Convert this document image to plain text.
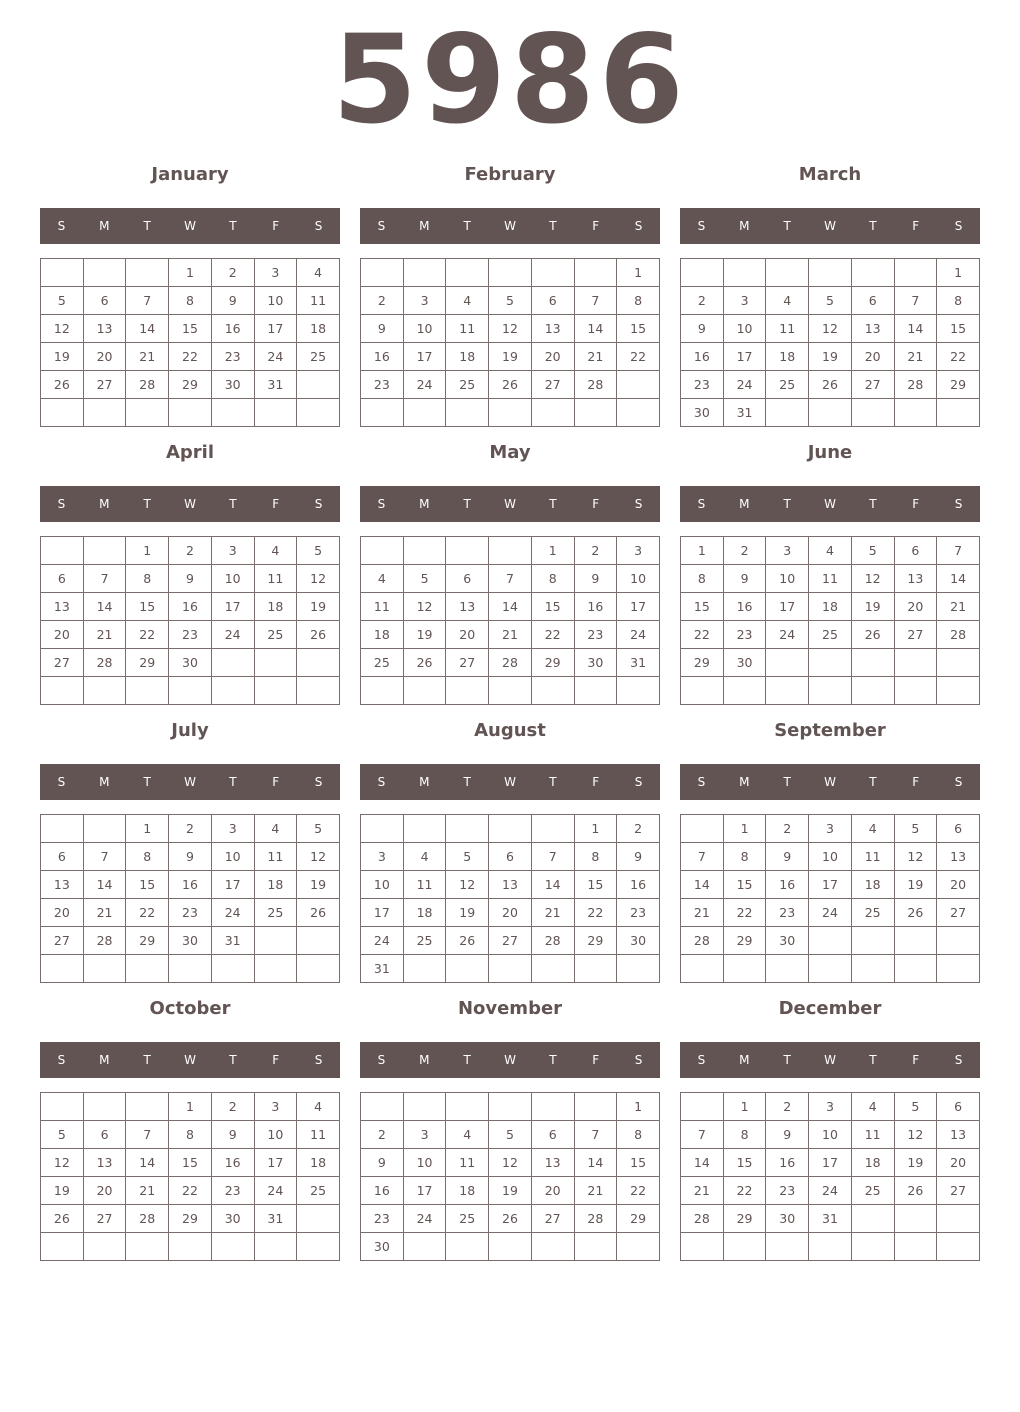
5986
January
S	M	T	W	T	F	S
			1	2	3	4
5	6	7	8	9	10	11
12	13	14	15	16	17	18
19	20	21	22	23	24	25
26	27	28	29	30	31	

February
S	M	T	W	T	F	S
						1
2	3	4	5	6	7	8
9	10	11	12	13	14	15
16	17	18	19	20	21	22
23	24	25	26	27	28	

March
S	M	T	W	T	F	S
						1
2	3	4	5	6	7	8
9	10	11	12	13	14	15
16	17	18	19	20	21	22
23	24	25	26	27	28	29
30	31					
April
S	M	T	W	T	F	S
		1	2	3	4	5
6	7	8	9	10	11	12
13	14	15	16	17	18	19
20	21	22	23	24	25	26
27	28	29	30			

May
S	M	T	W	T	F	S
				1	2	3
4	5	6	7	8	9	10
11	12	13	14	15	16	17
18	19	20	21	22	23	24
25	26	27	28	29	30	31

June
S	M	T	W	T	F	S
1	2	3	4	5	6	7
8	9	10	11	12	13	14
15	16	17	18	19	20	21
22	23	24	25	26	27	28
29	30					

July
S	M	T	W	T	F	S
		1	2	3	4	5
6	7	8	9	10	11	12
13	14	15	16	17	18	19
20	21	22	23	24	25	26
27	28	29	30	31		

August
S	M	T	W	T	F	S
					1	2
3	4	5	6	7	8	9
10	11	12	13	14	15	16
17	18	19	20	21	22	23
24	25	26	27	28	29	30
31						
September
S	M	T	W	T	F	S
	1	2	3	4	5	6
7	8	9	10	11	12	13
14	15	16	17	18	19	20
21	22	23	24	25	26	27
28	29	30				

October
S	M	T	W	T	F	S
			1	2	3	4
5	6	7	8	9	10	11
12	13	14	15	16	17	18
19	20	21	22	23	24	25
26	27	28	29	30	31	

November
S	M	T	W	T	F	S
						1
2	3	4	5	6	7	8
9	10	11	12	13	14	15
16	17	18	19	20	21	22
23	24	25	26	27	28	29
30						
December
S	M	T	W	T	F	S
	1	2	3	4	5	6
7	8	9	10	11	12	13
14	15	16	17	18	19	20
21	22	23	24	25	26	27
28	29	30	31			
